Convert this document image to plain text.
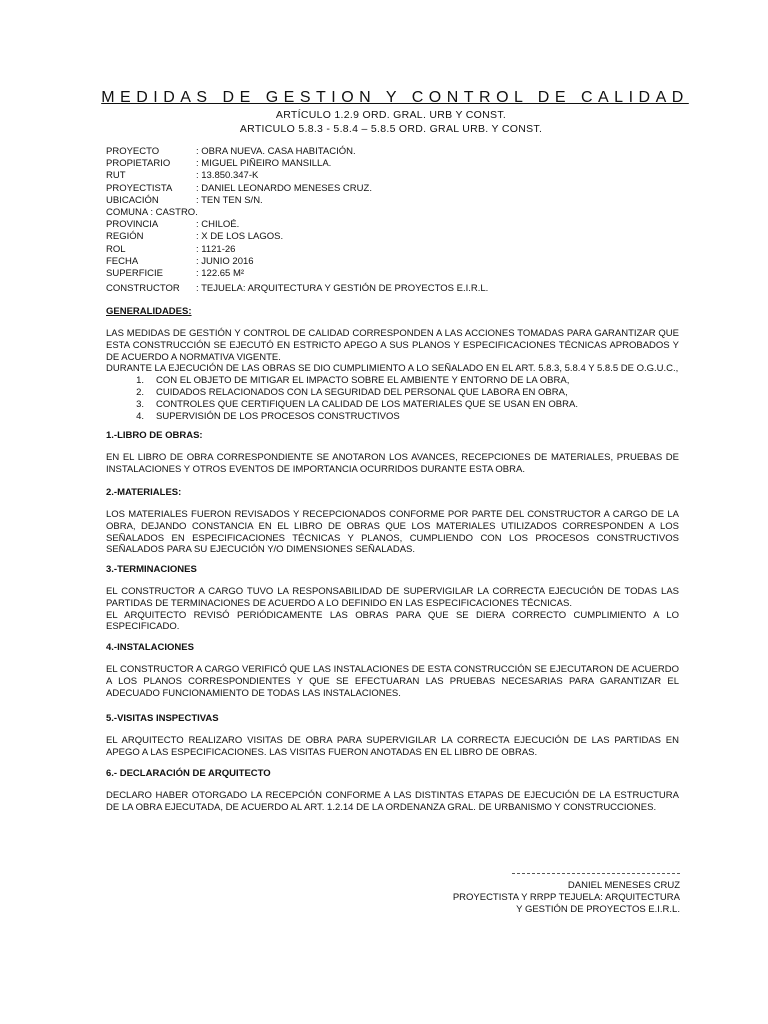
MEDIDAS DE GESTION Y CONTROL DE CALIDAD
ARTÍCULO 1.2.9 ORD. GRAL. URB Y CONST.
ARTICULO 5.8.3 - 5.8.4 – 5.8.5 ORD. GRAL URB. Y CONST.
PROYECTO	: OBRA NUEVA. CASA HABITACIÓN.
PROPIETARIO	: MIGUEL PIÑEIRO MANSILLA.
RUT	: 13.850.347-K
PROYECTISTA	: DANIEL LEONARDO MENESES CRUZ.
UBICACIÓN	: TEN TEN S/N.
COMUNA : CASTRO.
PROVINCIA	: CHILOÉ.
REGIÓN	: X DE LOS LAGOS.
ROL	: 1121-26
FECHA	: JUNIO 2016
SUPERFICIE	: 122.65 M²
CONSTRUCTOR	: TEJUELA: ARQUITECTURA Y GESTIÓN DE PROYECTOS E.I.R.L.
GENERALIDADES:

LAS MEDIDAS DE GESTIÓN Y CONTROL DE CALIDAD CORRESPONDEN A LAS ACCIONES TOMADAS PARA GARANTIZAR QUE ESTA CONSTRUCCIÓN SE EJECUTÓ EN ESTRICTO APEGO A SUS PLANOS Y ESPECIFICACIONES TÉCNICAS APROBADOS Y DE ACUERDO A NORMATIVA VIGENTE.

DURANTE LA EJECUCIÓN DE LAS OBRAS SE DIO CUMPLIMIENTO A LO SEÑALADO EN EL ART. 5.8.3, 5.8.4 Y 5.8.5 DE O.G.U.C.,

1.	CON EL OBJETO DE MITIGAR EL IMPACTO SOBRE EL AMBIENTE Y ENTORNO DE LA OBRA,
2.	CUIDADOS RELACIONADOS CON LA SEGURIDAD DEL PERSONAL QUE LABORA EN OBRA,
3.	CONTROLES QUE CERTIFIQUEN LA CALIDAD DE LOS MATERIALES QUE SE USAN EN OBRA.
4.	SUPERVISIÓN DE LOS PROCESOS CONSTRUCTIVOS
1.-LIBRO DE OBRAS:

EN EL LIBRO DE OBRA CORRESPONDIENTE SE ANOTARON LOS AVANCES, RECEPCIONES DE MATERIALES, PRUEBAS DE INSTALACIONES Y OTROS EVENTOS DE IMPORTANCIA OCURRIDOS DURANTE ESTA OBRA.

2.-MATERIALES:

LOS MATERIALES FUERON REVISADOS Y RECEPCIONADOS CONFORME POR PARTE DEL CONSTRUCTOR A CARGO DE LA OBRA, DEJANDO CONSTANCIA EN EL LIBRO DE OBRAS QUE LOS MATERIALES UTILIZADOS CORRESPONDEN A LOS SEÑALADOS EN ESPECIFICACIONES TÉCNICAS Y PLANOS, CUMPLIENDO CON LOS PROCESOS CONSTRUCTIVOS SEÑALADOS PARA SU EJECUCIÓN Y/O DIMENSIONES SEÑALADAS.

3.-TERMINACIONES

EL CONSTRUCTOR A CARGO TUVO LA RESPONSABILIDAD DE SUPERVIGILAR LA CORRECTA EJECUCIÓN DE TODAS LAS PARTIDAS DE TERMINACIONES DE ACUERDO A LO DEFINIDO EN LAS ESPECIFICACIONES TÉCNICAS.

EL ARQUITECTO REVISÓ PERIÓDICAMENTE LAS OBRAS PARA QUE SE DIERA CORRECTO CUMPLIMIENTO A LO ESPECIFICADO.

4.-INSTALACIONES

EL CONSTRUCTOR A CARGO VERIFICÓ QUE LAS INSTALACIONES DE ESTA CONSTRUCCIÓN SE EJECUTARON DE ACUERDO A LOS PLANOS CORRESPONDIENTES Y QUE SE EFECTUARAN LAS PRUEBAS NECESARIAS PARA GARANTIZAR EL ADECUADO FUNCIONAMIENTO DE TODAS LAS INSTALACIONES.

5.-VISITAS INSPECTIVAS

EL ARQUITECTO REALIZARO VISITAS DE OBRA PARA SUPERVIGILAR LA CORRECTA EJECUCIÓN DE LAS PARTIDAS EN APEGO A LAS ESPECIFICACIONES. LAS VISITAS FUERON ANOTADAS EN EL LIBRO DE OBRAS.

6.- DECLARACIÓN DE ARQUITECTO

DECLARO HABER OTORGADO LA RECEPCIÓN CONFORME A LAS DISTINTAS ETAPAS DE EJECUCIÓN DE LA ESTRUCTURA DE LA OBRA EJECUTADA, DE ACUERDO AL ART. 1.2.14 DE LA ORDENANZA GRAL. DE URBANISMO Y CONSTRUCCIONES.

DANIEL MENESES CRUZ
PROYECTISTA Y RRPP TEJUELA: ARQUITECTURA
Y GESTIÓN DE PROYECTOS E.I.R.L.
